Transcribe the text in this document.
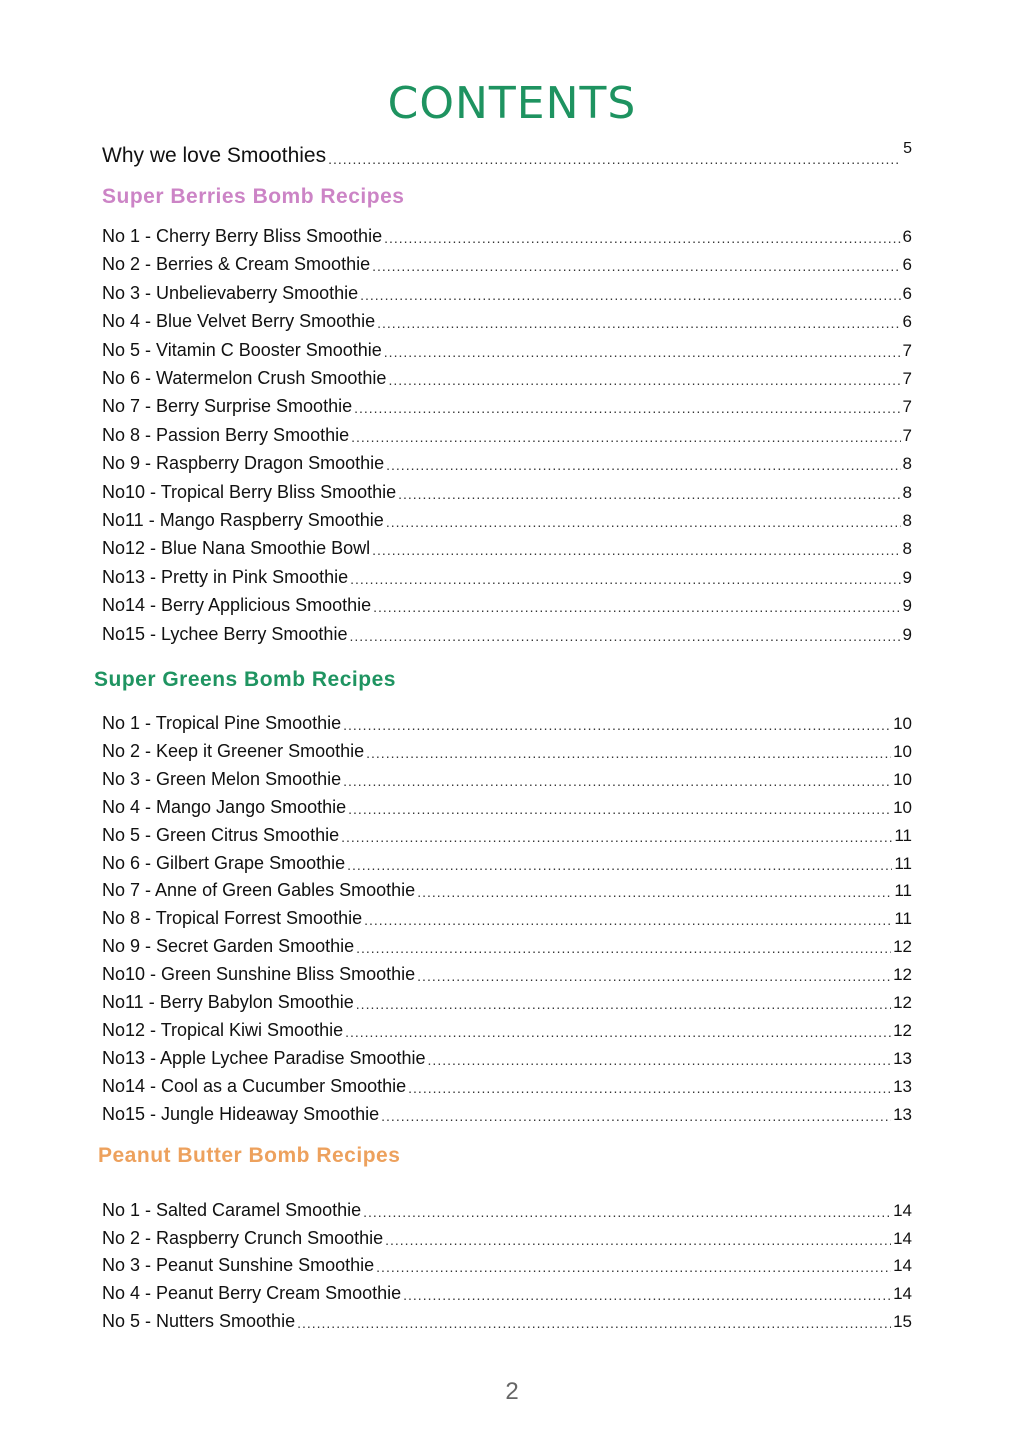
CONTENTS
Why we love Smoothies
.....	5
Super Berries Bomb Recipes
Super Greens Bomb Recipes
Peanut Butter Bomb Recipes
No 1 - Cherry Berry Bliss Smoothie .....	6
No 2 - Berries & Cream Smoothie .....	6
No 3 - Unbelievaberry Smoothie .....	6
No 4 - Blue Velvet Berry Smoothie .....	6
No 5 - Vitamin C Booster Smoothie .....	7
No 6 - Watermelon Crush Smoothie .....	7
No 7 - Berry Surprise Smoothie .....	7
No 8 - Passion Berry Smoothie .....	7
No 9 - Raspberry Dragon Smoothie .....	8
No10 - Tropical Berry Bliss Smoothie .....	8
No11 - Mango Raspberry Smoothie .....	8
No12 - Blue Nana Smoothie Bowl .....	8
No13 - Pretty in Pink Smoothie .....	9
No14 - Berry Applicious Smoothie .....	9
No15 - Lychee Berry Smoothie .....	9
No 1 - Tropical Pine Smoothie .....	10
No 2 - Keep it Greener Smoothie .....	10
No 3 - Green Melon Smoothie .....	10
No 4 - Mango Jango Smoothie .....	10
No 5 - Green Citrus Smoothie .....	11
No 6 - Gilbert Grape Smoothie .....	11
No 7 - Anne of Green Gables Smoothie .....	11
No 8 - Tropical Forrest Smoothie .....	11
No 9 - Secret Garden Smoothie .....	12
No10 - Green Sunshine Bliss Smoothie .....	12
No11 - Berry Babylon Smoothie .....	12
No12 - Tropical Kiwi Smoothie .....	12
No13 - Apple Lychee Paradise Smoothie .....	13
No14 - Cool as a Cucumber Smoothie .....	13
No15 - Jungle Hideaway Smoothie .....	13
No 1 - Salted Caramel Smoothie .....	14
No 2 - Raspberry Crunch Smoothie .....	14
No 3 - Peanut Sunshine Smoothie .....	14
No 4 - Peanut Berry Cream Smoothie .....	14
No 5 - Nutters Smoothie .....	15
2
